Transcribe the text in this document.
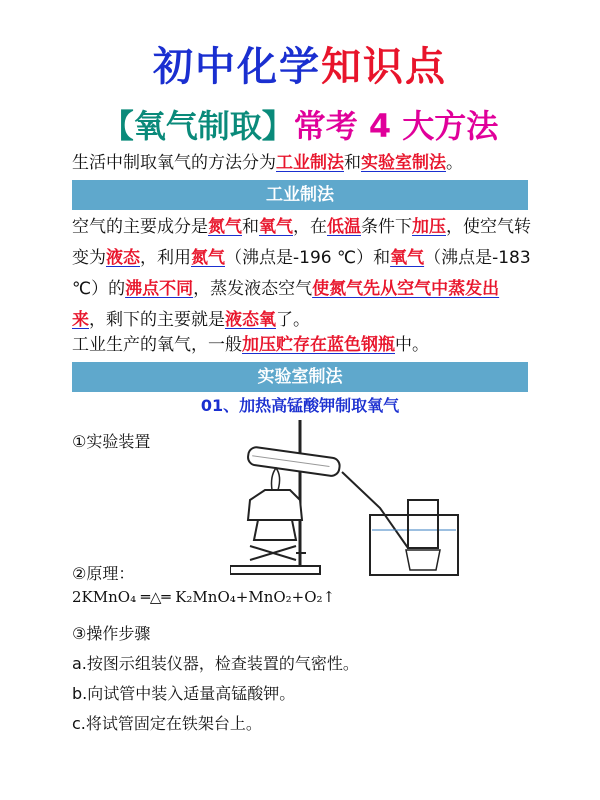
初中化学知识点
【氧气制取】常考 4 大方法
生活中制取氧气的方法分为工业制法和实验室制法。
工业制法
空气的主要成分是氮气和氧气，在低温条件下加压，使空气转变为液态，利用氮气（沸点是-196 ℃）和氧气（沸点是-183 ℃）的沸点不同，蒸发液态空气使氮气先从空气中蒸发出来，剩下的主要就是液态氧了。
工业生产的氧气，一般加压贮存在蓝色钢瓶中。
实验室制法
01、加热高锰酸钾制取氧气
①实验装置
②原理：
2KMnO₄ ═△═ K₂MnO₄+MnO₂+O₂↑
③操作步骤
a.按图示组装仪器，检查装置的气密性。
b.向试管中装入适量高锰酸钾。
c.将试管固定在铁架台上。
